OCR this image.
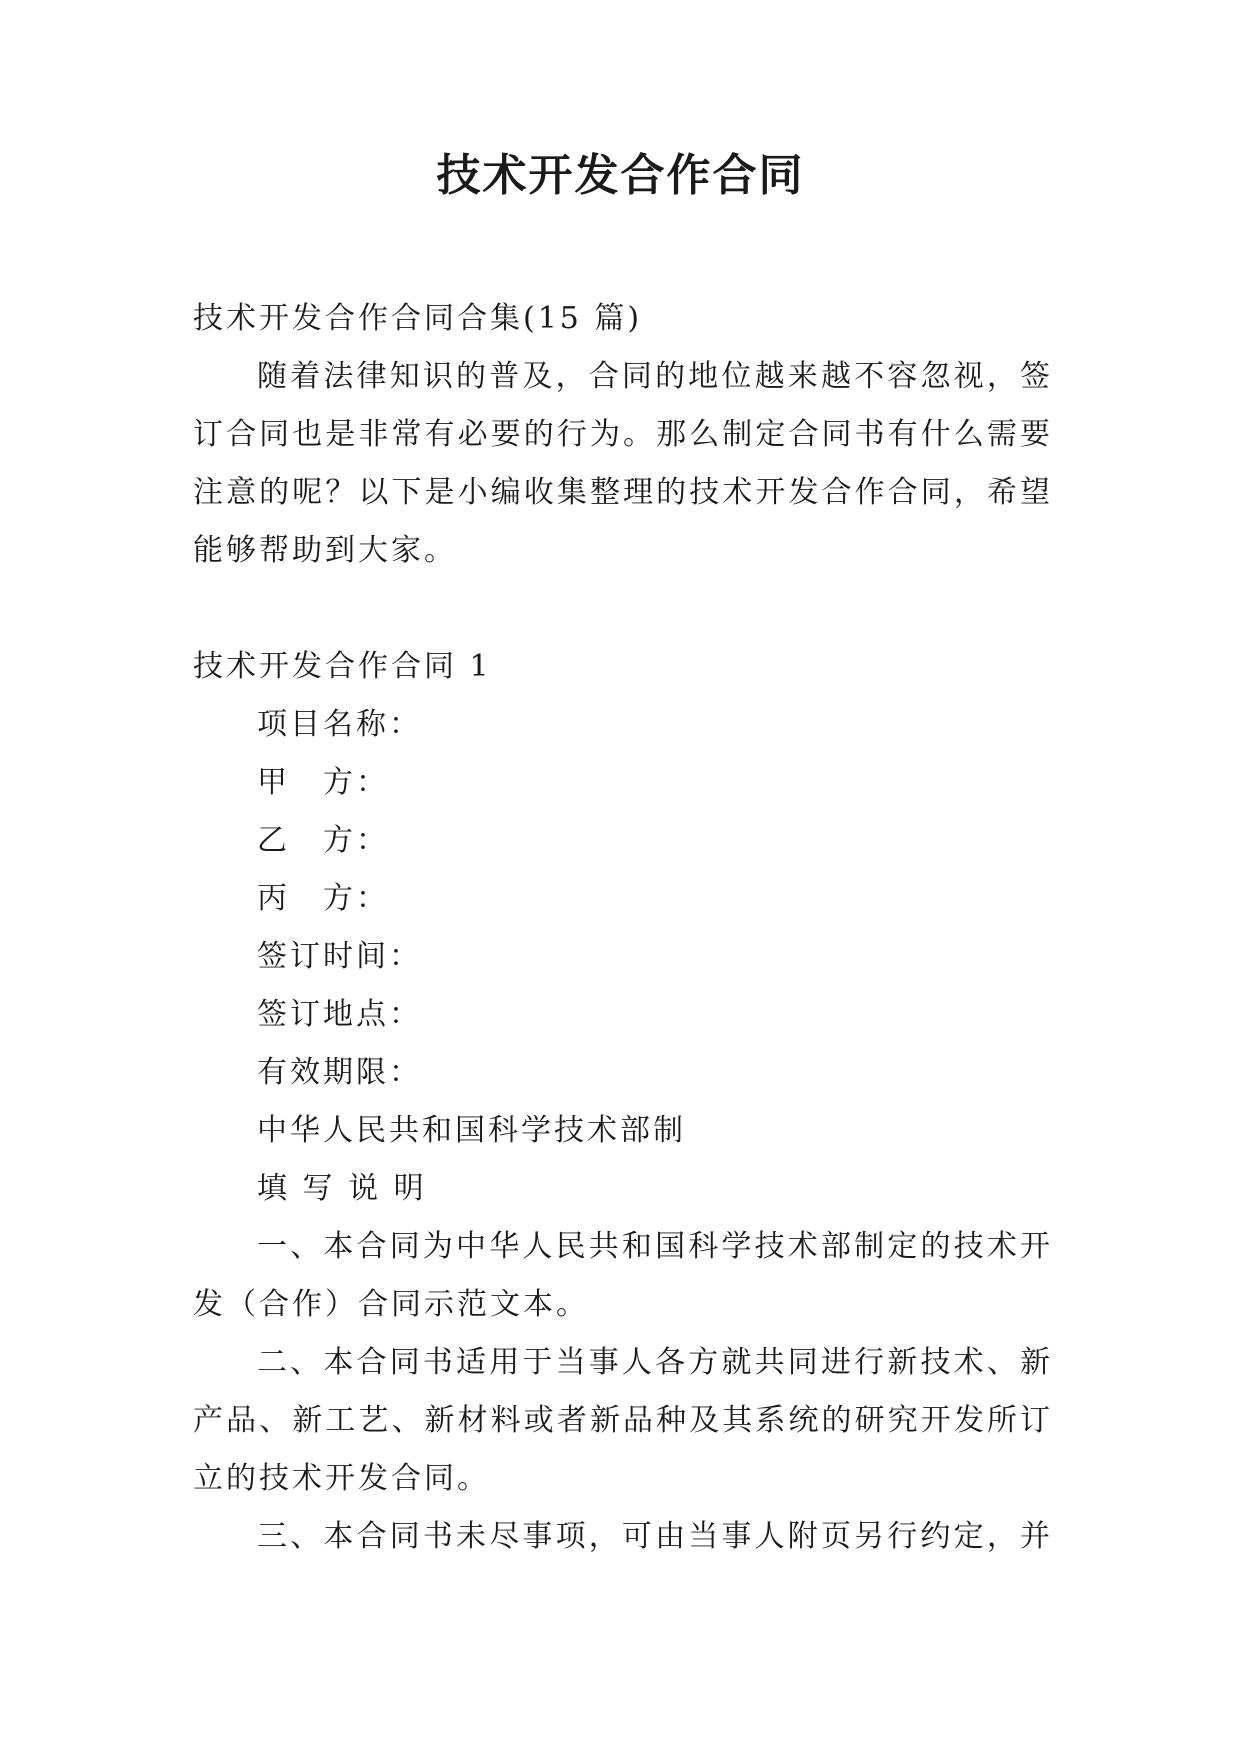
技术开发合作合同
技术开发合作合同合集(15 篇)
随着法律知识的普及，合同的地位越来越不容忽视，签
订合同也是非常有必要的行为。那么制定合同书有什么需要
注意的呢？以下是小编收集整理的技术开发合作合同，希望
能够帮助到大家。
技术开发合作合同 1
项目名称：
甲　方：
乙　方：
丙　方：
签订时间：
签订地点：
有效期限：
中华人民共和国科学技术部制
填 写 说 明
一、本合同为中华人民共和国科学技术部制定的技术开
发（合作）合同示范文本。
二、本合同书适用于当事人各方就共同进行新技术、新
产品、新工艺、新材料或者新品种及其系统的研究开发所订
立的技术开发合同。
三、本合同书未尽事项，可由当事人附页另行约定，并
